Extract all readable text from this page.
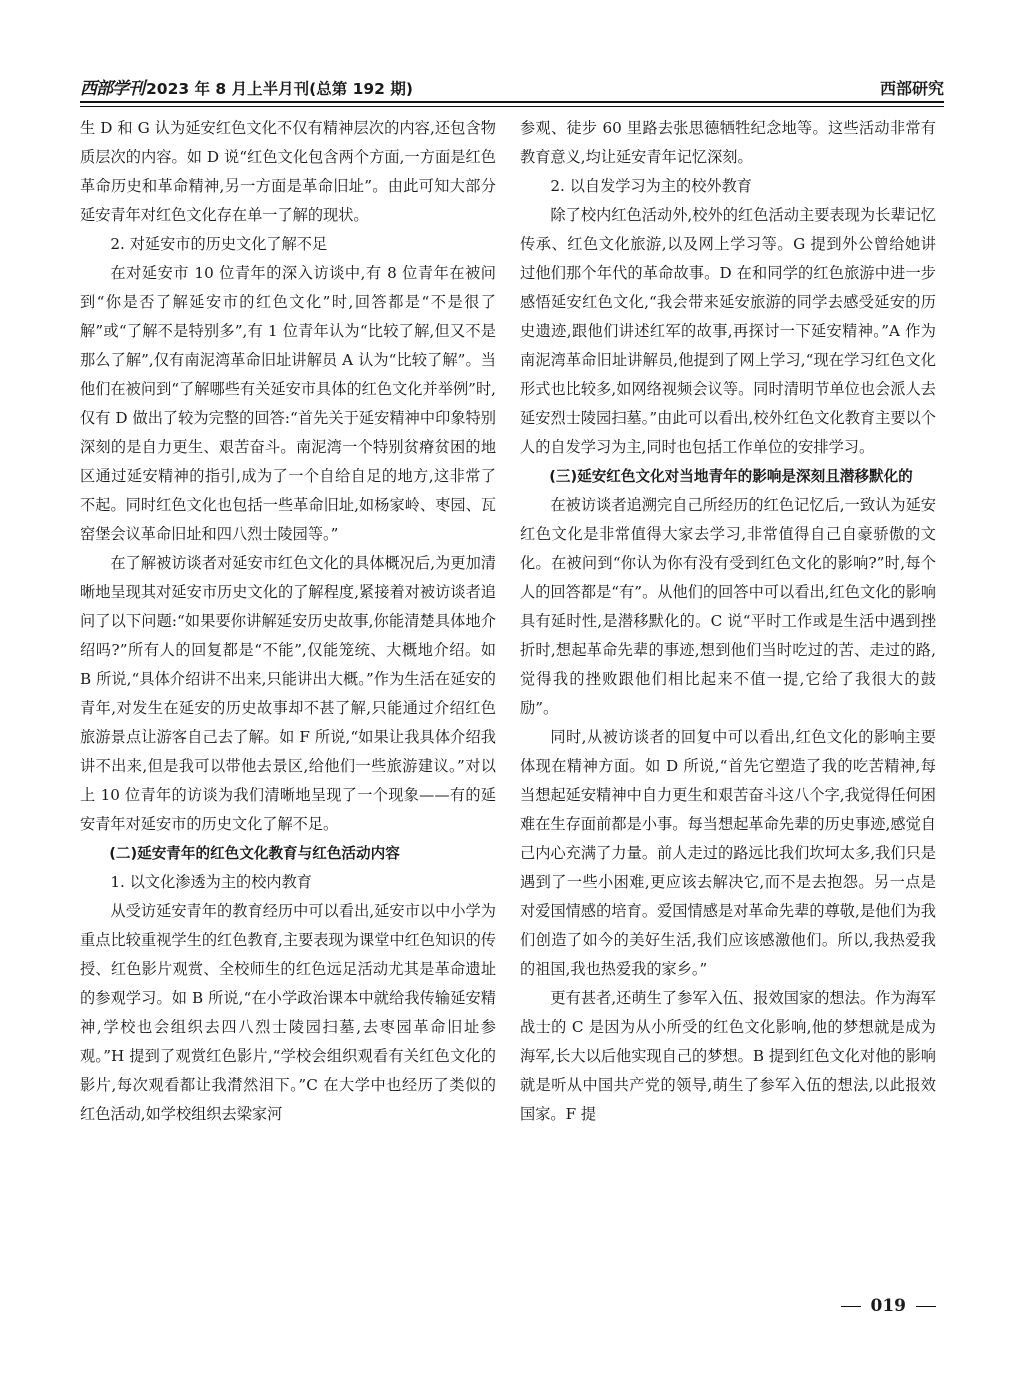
西部学刊 2023 年 8 月上半月刊(总第 192 期)	西部研究

生 D 和 G 认为延安红色文化不仅有精神层次的内容,还包含物质层次的内容。如 D 说“红色文化包含两个方面,一方面是红色革命历史和革命精神,另一方面是革命旧址”。由此可知大部分延安青年对红色文化存在单一了解的现状。

2. 对延安市的历史文化了解不足

在对延安市 10 位青年的深入访谈中,有 8 位青年在被问到“你是否了解延安市的红色文化”时,回答都是“不是很了解”或“了解不是特别多”,有 1 位青年认为“比较了解,但又不是那么了解”,仅有南泥湾革命旧址讲解员 A 认为“比较了解”。当他们在被问到“了解哪些有关延安市具体的红色文化并举例”时,仅有 D 做出了较为完整的回答:“首先关于延安精神中印象特别深刻的是自力更生、艰苦奋斗。南泥湾一个特别贫瘠贫困的地区通过延安精神的指引,成为了一个自给自足的地方,这非常了不起。同时红色文化也包括一些革命旧址,如杨家岭、枣园、瓦窑堡会议革命旧址和四八烈士陵园等。”

在了解被访谈者对延安市红色文化的具体概况后,为更加清晰地呈现其对延安市历史文化的了解程度,紧接着对被访谈者追问了以下问题:“如果要你讲解延安历史故事,你能清楚具体地介绍吗?”所有人的回复都是“不能”,仅能笼统、大概地介绍。如 B 所说,“具体介绍讲不出来,只能讲出大概。”作为生活在延安的青年,对发生在延安的历史故事却不甚了解,只能通过介绍红色旅游景点让游客自己去了解。如 F 所说,“如果让我具体介绍我讲不出来,但是我可以带他去景区,给他们一些旅游建议。”对以上 10 位青年的访谈为我们清晰地呈现了一个现象——有的延安青年对延安市的历史文化了解不足。

(二)延安青年的红色文化教育与红色活动内容

1. 以文化渗透为主的校内教育

从受访延安青年的教育经历中可以看出,延安市以中小学为重点比较重视学生的红色教育,主要表现为课堂中红色知识的传授、红色影片观赏、全校师生的红色远足活动尤其是革命遗址的参观学习。如 B 所说,“在小学政治课本中就给我传输延安精神,学校也会组织去四八烈士陵园扫墓,去枣园革命旧址参观。”H 提到了观赏红色影片,“学校会组织观看有关红色文化的影片,每次观看都让我潸然泪下。”C 在大学中也经历了类似的红色活动,如学校组织去梁家河

参观、徒步 60 里路去张思德牺牲纪念地等。这些活动非常有教育意义,均让延安青年记忆深刻。

2. 以自发学习为主的校外教育

除了校内红色活动外,校外的红色活动主要表现为长辈记忆传承、红色文化旅游,以及网上学习等。G 提到外公曾给她讲过他们那个年代的革命故事。D 在和同学的红色旅游中进一步感悟延安红色文化,“我会带来延安旅游的同学去感受延安的历史遗迹,跟他们讲述红军的故事,再探讨一下延安精神。”A 作为南泥湾革命旧址讲解员,他提到了网上学习,“现在学习红色文化形式也比较多,如网络视频会议等。同时清明节单位也会派人去延安烈士陵园扫墓。”由此可以看出,校外红色文化教育主要以个人的自发学习为主,同时也包括工作单位的安排学习。

(三)延安红色文化对当地青年的影响是深刻且潜移默化的

在被访谈者追溯完自己所经历的红色记忆后,一致认为延安红色文化是非常值得大家去学习,非常值得自己自豪骄傲的文化。在被问到“你认为你有没有受到红色文化的影响?”时,每个人的回答都是“有”。从他们的回答中可以看出,红色文化的影响具有延时性,是潜移默化的。C 说“平时工作或是生活中遇到挫折时,想起革命先辈的事迹,想到他们当时吃过的苦、走过的路,觉得我的挫败跟他们相比起来不值一提,它给了我很大的鼓励”。

同时,从被访谈者的回复中可以看出,红色文化的影响主要体现在精神方面。如 D 所说,“首先它塑造了我的吃苦精神,每当想起延安精神中自力更生和艰苦奋斗这八个字,我觉得任何困难在生存面前都是小事。每当想起革命先辈的历史事迹,感觉自己内心充满了力量。前人走过的路远比我们坎坷太多,我们只是遇到了一些小困难,更应该去解决它,而不是去抱怨。另一点是对爱国情感的培育。爱国情感是对革命先辈的尊敬,是他们为我们创造了如今的美好生活,我们应该感激他们。所以,我热爱我的祖国,我也热爱我的家乡。”

更有甚者,还萌生了参军入伍、报效国家的想法。作为海军战士的 C 是因为从小所受的红色文化影响,他的梦想就是成为海军,长大以后他实现自己的梦想。B 提到红色文化对他的影响就是听从中国共产党的领导,萌生了参军入伍的想法,以此报效国家。F 提

019
